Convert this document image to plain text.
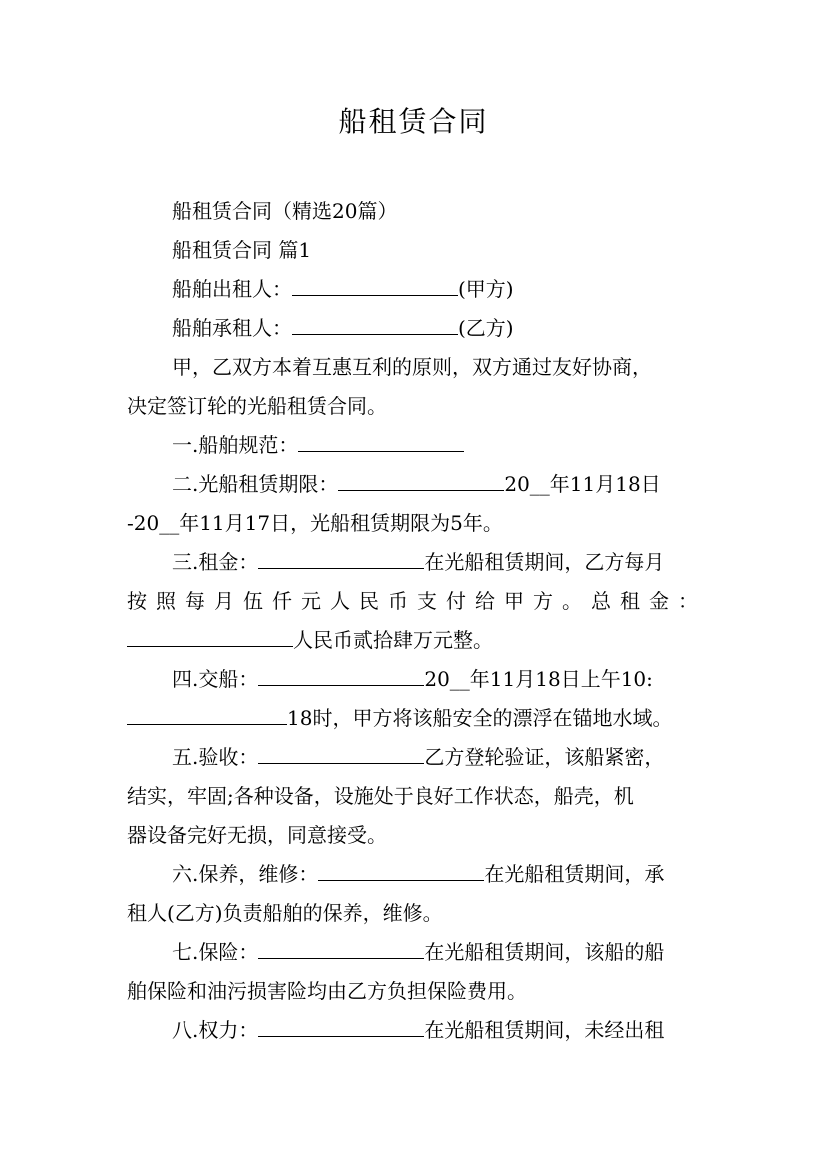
船租赁合同
船租赁合同（精选20篇）
船租赁合同 篇1
船舶出租人：	(甲方)
船舶承租人：	(乙方)
甲，乙双方本着互惠互利的原则，双方通过友好协商，
决定签订轮的光船租赁合同。
一.船舶规范：
二.光船租赁期限：	20__年11月18日
-20__年11月17日，光船租赁期限为5年。
三.租金：	在光船租赁期间，乙方每月
按照每月伍仟元人民币支付给甲方。总租金：
人民币贰拾肆万元整。
四.交船：	20__年11月18日上午10:
18时，甲方将该船安全的漂浮在锚地水域。
五.验收：	乙方登轮验证，该船紧密，
结实，牢固;各种设备，设施处于良好工作状态，船壳，机
器设备完好无损，同意接受。
六.保养，维修：	在光船租赁期间，承
租人(乙方)负责船舶的保养，维修。
七.保险：	在光船租赁期间，该船的船
舶保险和油污损害险均由乙方负担保险费用。
八.权力：	在光船租赁期间，未经出租
